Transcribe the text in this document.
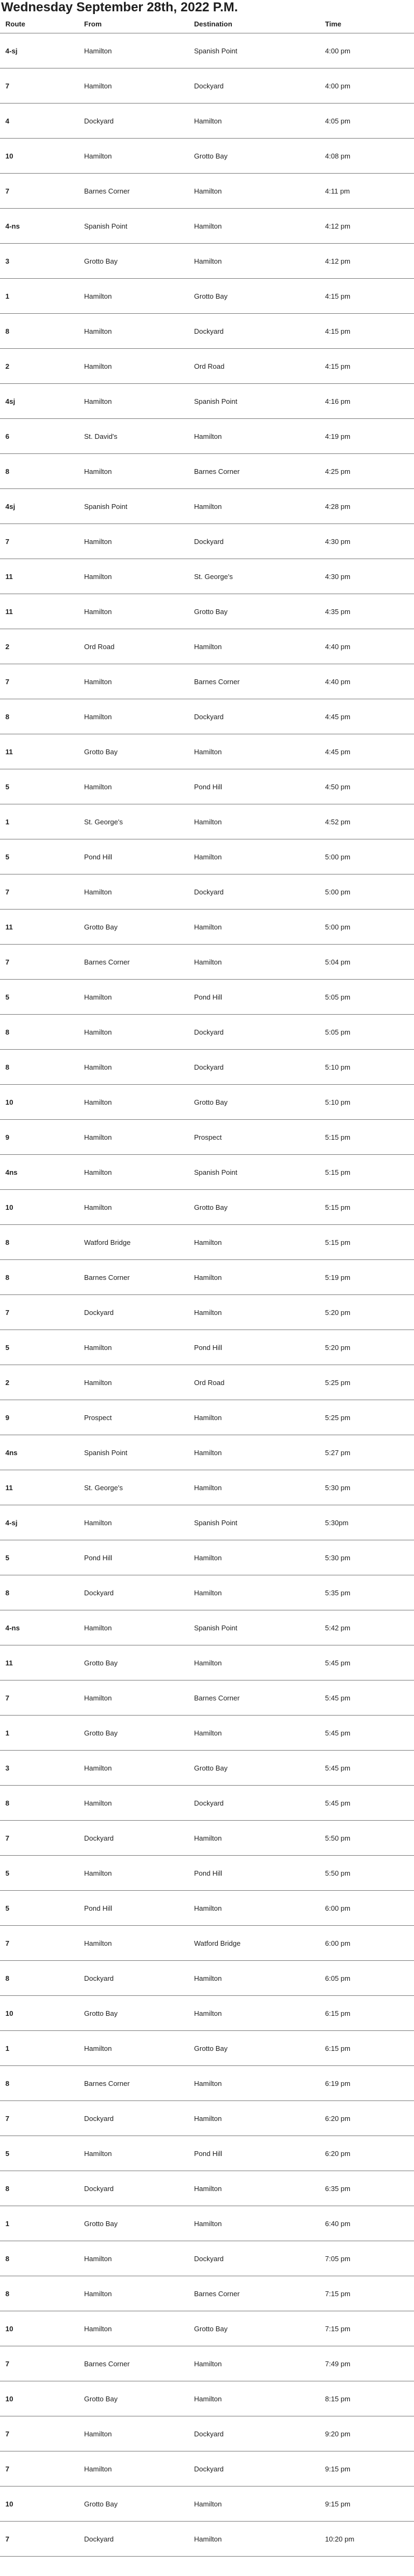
Wednesday September 28th, 2022 P.M.
Route	From	Destination	Time
4-sj	Hamilton	Spanish Point	4:00 pm
7	Hamilton	Dockyard	4:00 pm
4	Dockyard	Hamilton	4:05 pm
10	Hamilton	Grotto Bay	4:08 pm
7	Barnes Corner	Hamilton	4:11 pm
4-ns	Spanish Point	Hamilton	4:12 pm
3	Grotto Bay	Hamilton	4:12 pm
1	Hamilton	Grotto Bay	4:15 pm
8	Hamilton	Dockyard	4:15 pm
2	Hamilton	Ord Road	4:15 pm
4sj	Hamilton	Spanish Point	4:16 pm
6	St. David's	Hamilton	4:19 pm
8	Hamilton	Barnes Corner	4:25 pm
4sj	Spanish Point	Hamilton	4:28 pm
7	Hamilton	Dockyard	4:30 pm
11	Hamilton	St. George's	4:30 pm
11	Hamilton	Grotto Bay	4:35 pm
2	Ord Road	Hamilton	4:40 pm
7	Hamilton	Barnes Corner	4:40 pm
8	Hamilton	Dockyard	4:45 pm
11	Grotto Bay	Hamilton	4:45 pm
5	Hamilton	Pond Hill	4:50 pm
1	St. George's	Hamilton	4:52 pm
5	Pond Hill	Hamilton	5:00 pm
7	Hamilton	Dockyard	5:00 pm
11	Grotto Bay	Hamilton	5:00 pm
7	Barnes Corner	Hamilton	5:04 pm
5	Hamilton	Pond Hill	5:05 pm
8	Hamilton	Dockyard	5:05 pm
8	Hamilton	Dockyard	5:10 pm
10	Hamilton	Grotto Bay	5:10 pm
9	Hamilton	Prospect	5:15 pm
4ns	Hamilton	Spanish Point	5:15 pm
10	Hamilton	Grotto Bay	5:15 pm
8	Watford Bridge	Hamilton	5:15 pm
8	Barnes Corner	Hamilton	5:19 pm
7	Dockyard	Hamilton	5:20 pm
5	Hamilton	Pond Hill	5:20 pm
2	Hamilton	Ord Road	5:25 pm
9	Prospect	Hamilton	5:25 pm
4ns	Spanish Point	Hamilton	5:27 pm
11	St. George's	Hamilton	5:30 pm
4-sj	Hamilton	Spanish Point	5:30pm
5	Pond Hill	Hamilton	5:30 pm
8	Dockyard	Hamilton	5:35 pm
4-ns	Hamilton	Spanish Point	5:42 pm
11	Grotto Bay	Hamilton	5:45 pm
7	Hamilton	Barnes Corner	5:45 pm
1	Grotto Bay	Hamilton	5:45 pm
3	Hamilton	Grotto Bay	5:45 pm
8	Hamilton	Dockyard	5:45 pm
7	Dockyard	Hamilton	5:50 pm
5	Hamilton	Pond Hill	5:50 pm
5	Pond Hill	Hamilton	6:00 pm
7	Hamilton	Watford Bridge	6:00 pm
8	Dockyard	Hamilton	6:05 pm
10	Grotto Bay	Hamilton	6:15 pm
1	Hamilton	Grotto Bay	6:15 pm
8	Barnes Corner	Hamilton	6:19 pm
7	Dockyard	Hamilton	6:20 pm
5	Hamilton	Pond Hill	6:20 pm
8	Dockyard	Hamilton	6:35 pm
1	Grotto Bay	Hamilton	6:40 pm
8	Hamilton	Dockyard	7:05 pm
8	Hamilton	Barnes Corner	7:15 pm
10	Hamilton	Grotto Bay	7:15 pm
7	Barnes Corner	Hamilton	7:49 pm
10	Grotto Bay	Hamilton	8:15 pm
7	Hamilton	Dockyard	9:20 pm
7	Hamilton	Dockyard	9:15 pm
10	Grotto Bay	Hamilton	9:15 pm
7	Dockyard	Hamilton	10:20 pm
